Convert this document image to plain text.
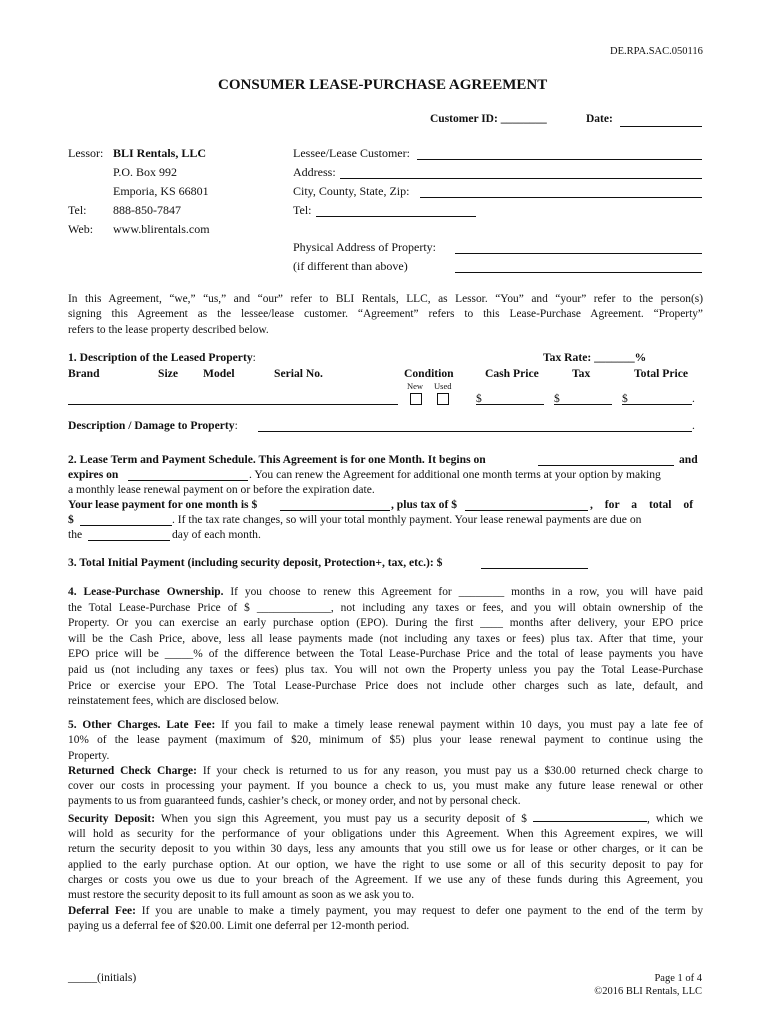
DE.RPA.SAC.050116
CONSUMER LEASE-PURCHASE AGREEMENT
Customer ID: ________	Date:
Lessor: BLI Rentals, LLC
P.O. Box 992
Emporia, KS 66801
Tel: 888-850-7847
Web: www.blirentals.com
Lessee/Lease Customer:
Address:
City, County, State, Zip:
Tel:
Physical Address of Property:
(if different than above)
In this Agreement, “we,” “us,” and “our” refer to BLI Rentals, LLC, as Lessor. “You” and “your” refer to the person(s)
signing this Agreement as the lessee/lease customer. “Agreement” refers to this Lease-Purchase Agreement. “Property”
refers to the lease property described below.
1. Description of the Leased Property:	Tax Rate: _______%
Brand	Size Model	Serial No.	Condition	Cash Price	Tax	Total Price
New Used
$	$	$	.
Description / Damage to Property:	.
2. Lease Term and Payment Schedule. This Agreement is for one Month. It begins on	and
expires on	. You can renew the Agreement for additional one month terms at your option by making
a monthly lease renewal payment on or before the expiration date.
Your lease payment for one month is $	, plus tax of $	, for a total of
$	. If the tax rate changes, so will your total monthly payment. Your lease renewal payments are due on
the	day of each month.
3. Total Initial Payment (including security deposit, Protection+, tax, etc.): $
4. Lease-Purchase Ownership. If you choose to renew this Agreement for ________ months in a row, you will have paid
the Total Lease-Purchase Price of $ _____________, not including any taxes or fees, and you will obtain ownership of the
Property. Or you can exercise an early purchase option (EPO). During the first ____ months after delivery, your EPO price
will be the Cash Price, above, less all lease payments made (not including any taxes or fees) plus tax. After that time, your
EPO price will be _____% of the difference between the Total Lease-Purchase Price and the total of lease payments you have
paid us (not including any taxes or fees) plus tax. You will not own the Property unless you pay the Total Lease-Purchase
Price or exercise your EPO. The Total Lease-Purchase Price does not include other charges such as late, default, and
reinstatement fees, which are disclosed below.
5. Other Charges. Late Fee: If you fail to make a timely lease renewal payment within 10 days, you must pay a late fee of
10% of the lease payment (maximum of $20, minimum of $5) plus your lease renewal payment to continue using the
Property.
Returned Check Charge: If your check is returned to us for any reason, you must pay us a $30.00 returned check charge to
cover our costs in processing your payment. If you bounce a check to us, you must make any future lease renewal or other
payments to us from guaranteed funds, cashier’s check, or money order, and not by personal check.
Security Deposit: When you sign this Agreement, you must pay us a security deposit of $	, which we
will hold as security for the performance of your obligations under this Agreement. When this Agreement expires, we will
return the security deposit to you within 30 days, less any amounts that you still owe us for lease or other charges, or it can be
applied to the early purchase option. At our option, we have the right to use some or all of this security deposit to pay for
charges or costs you owe us due to your breach of the Agreement. If we use any of these funds during this Agreement, you
must restore the security deposit to its full amount as soon as we ask you to.
Deferral Fee: If you are unable to make a timely payment, you may request to defer one payment to the end of the term by
paying us a deferral fee of $20.00. Limit one deferral per 12-month period.
_____(initials)	Page 1 of 4
©2016 BLI Rentals, LLC
